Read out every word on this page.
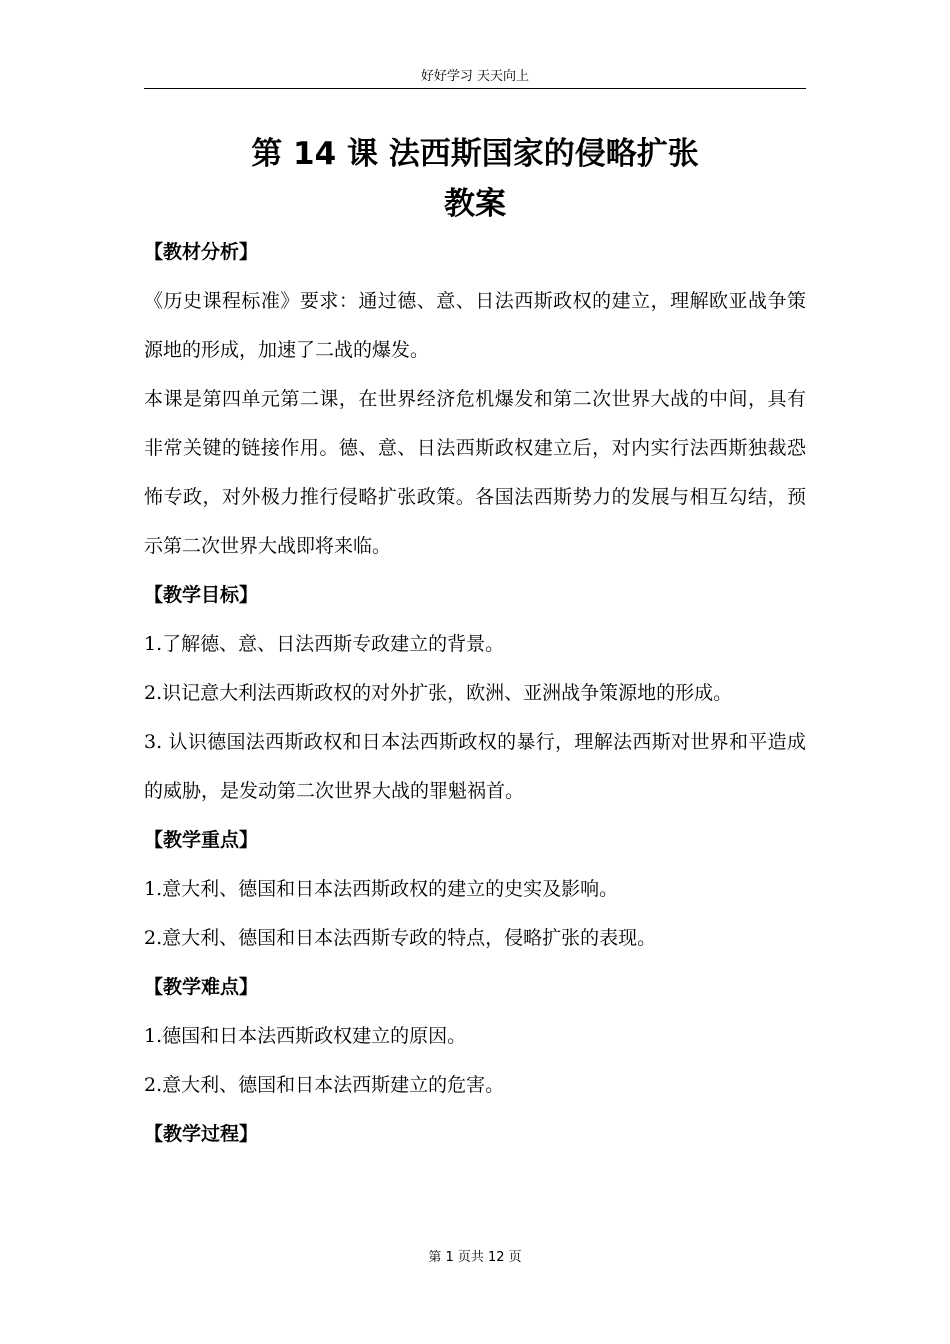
好好学习 天天向上
第 14 课 法西斯国家的侵略扩张
教案

【教材分析】

《历史课程标准》要求：通过德、意、日法西斯政权的建立，理解欧亚战争策源地的形成，加速了二战的爆发。

本课是第四单元第二课，在世界经济危机爆发和第二次世界大战的中间，具有非常关键的链接作用。德、意、日法西斯政权建立后，对内实行法西斯独裁恐怖专政，对外极力推行侵略扩张政策。各国法西斯势力的发展与相互勾结，预示第二次世界大战即将来临。

【教学目标】

1.了解德、意、日法西斯专政建立的背景。

2.识记意大利法西斯政权的对外扩张，欧洲、亚洲战争策源地的形成。

3. 认识德国法西斯政权和日本法西斯政权的暴行，理解法西斯对世界和平造成的威胁，是发动第二次世界大战的罪魁祸首。

【教学重点】

1.意大利、德国和日本法西斯政权的建立的史实及影响。

2.意大利、德国和日本法西斯专政的特点，侵略扩张的表现。

【教学难点】

1.德国和日本法西斯政权建立的原因。

2.意大利、德国和日本法西斯建立的危害。

【教学过程】

第 1 页共 12 页
